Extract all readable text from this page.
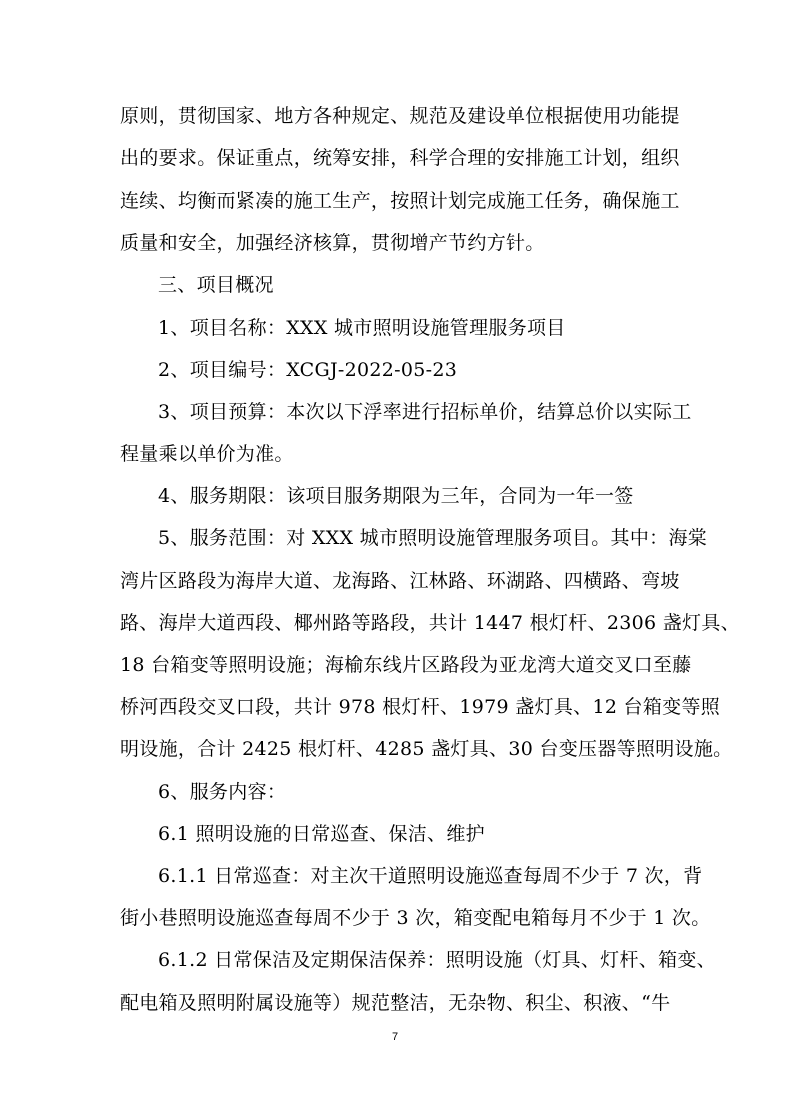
原则，贯彻国家、地方各种规定、规范及建设单位根据使用功能提
出的要求。保证重点，统筹安排，科学合理的安排施工计划，组织
连续、均衡而紧凑的施工生产，按照计划完成施工任务，确保施工
质量和安全，加强经济核算，贯彻增产节约方针。
三、项目概况
1、项目名称：XXX 城市照明设施管理服务项目
2、项目编号：XCGJ-2022-05-23
3、项目预算：本次以下浮率进行招标单价，结算总价以实际工
程量乘以单价为准。
4、服务期限：该项目服务期限为三年，合同为一年一签
5、服务范围：对 XXX 城市照明设施管理服务项目。其中：海棠
湾片区路段为海岸大道、龙海路、江林路、环湖路、四横路、弯坡
路、海岸大道西段、椰州路等路段，共计 1447 根灯杆、2306 盏灯具、
18 台箱变等照明设施；海榆东线片区路段为亚龙湾大道交叉口至藤
桥河西段交叉口段，共计 978 根灯杆、1979 盏灯具、12 台箱变等照
明设施，合计 2425 根灯杆、4285 盏灯具、30 台变压器等照明设施。
6、服务内容：
6.1 照明设施的日常巡查、保洁、维护
6.1.1 日常巡查：对主次干道照明设施巡查每周不少于 7 次，背
街小巷照明设施巡查每周不少于 3 次，箱变配电箱每月不少于 1 次。
6.1.2 日常保洁及定期保洁保养：照明设施（灯具、灯杆、箱变、
配电箱及照明附属设施等）规范整洁，无杂物、积尘、积液、“牛
7
